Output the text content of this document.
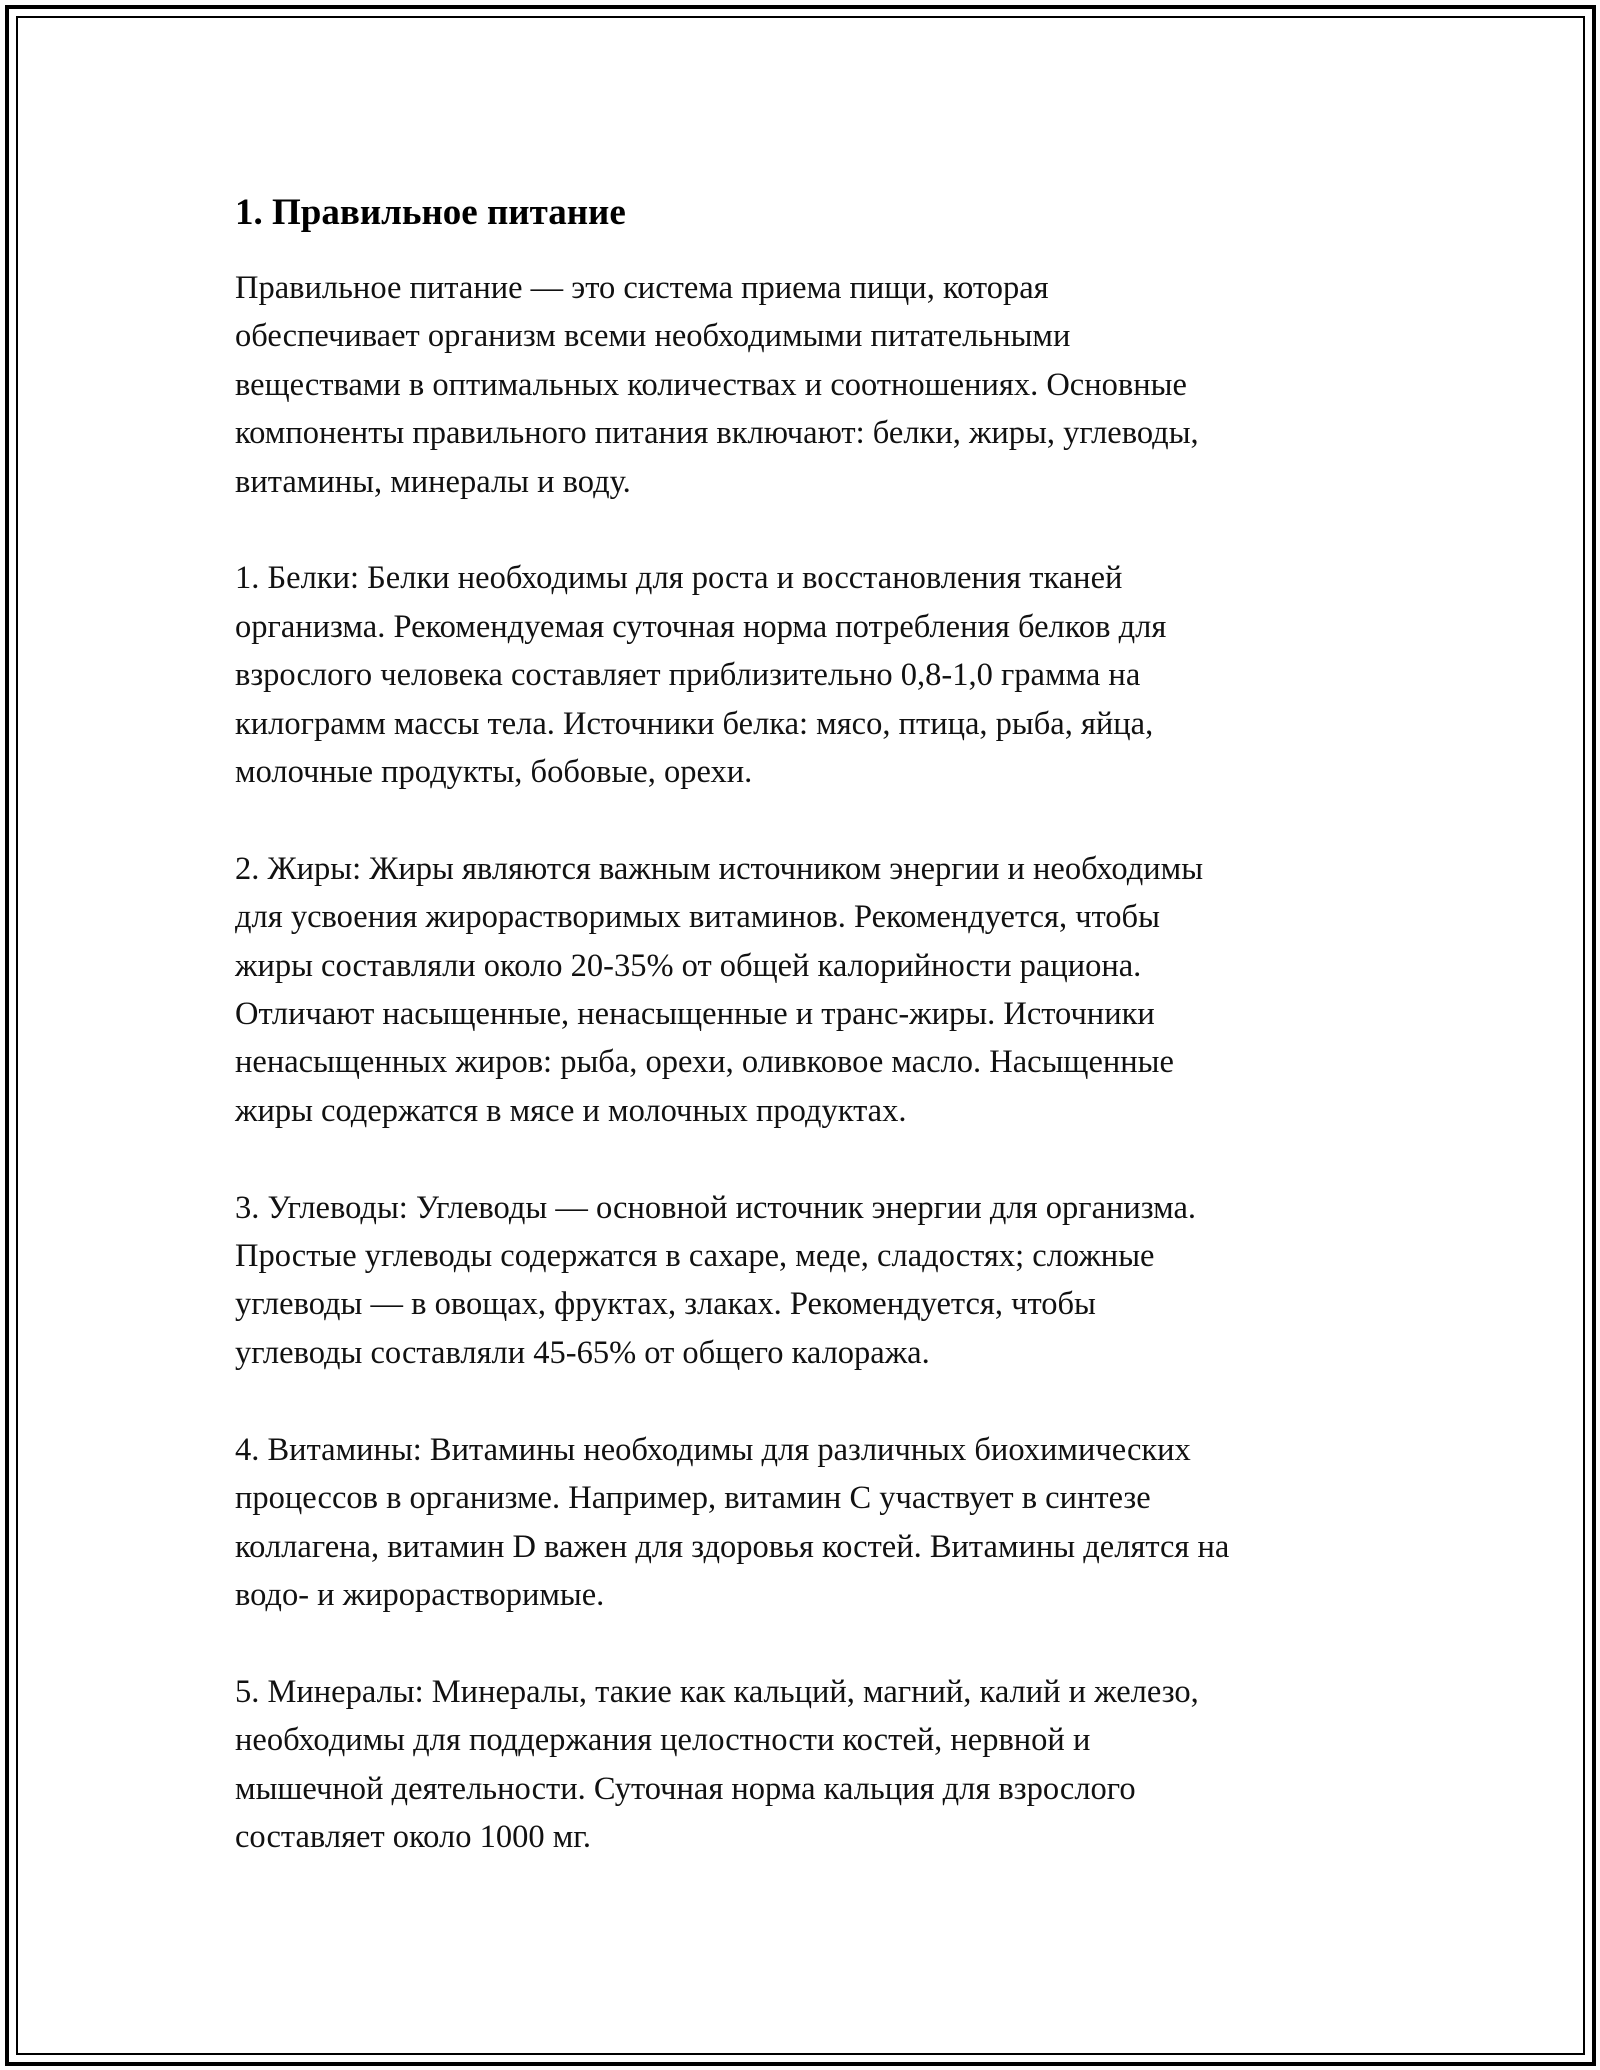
1. Правильное питание
Правильное питание — это система приема пищи, которая
обеспечивает организм всеми необходимыми питательными
веществами в оптимальных количествах и соотношениях. Основные
компоненты правильного питания включают: белки, жиры, углеводы,
витамины, минералы и воду.
1. Белки: Белки необходимы для роста и восстановления тканей
организма. Рекомендуемая суточная норма потребления белков для
взрослого человека составляет приблизительно 0,8-1,0 грамма на
килограмм массы тела. Источники белка: мясо, птица, рыба, яйца,
молочные продукты, бобовые, орехи.
2. Жиры: Жиры являются важным источником энергии и необходимы
для усвоения жирорастворимых витаминов. Рекомендуется, чтобы
жиры составляли около 20-35% от общей калорийности рациона.
Отличают насыщенные, ненасыщенные и транс-жиры. Источники
ненасыщенных жиров: рыба, орехи, оливковое масло. Насыщенные
жиры содержатся в мясе и молочных продуктах.
3. Углеводы: Углеводы — основной источник энергии для организма.
Простые углеводы содержатся в сахаре, меде, сладостях; сложные
углеводы — в овощах, фруктах, злаках. Рекомендуется, чтобы
углеводы составляли 45-65% от общего калоража.
4. Витамины: Витамины необходимы для различных биохимических
процессов в организме. Например, витамин C участвует в синтезе
коллагена, витамин D важен для здоровья костей. Витамины делятся на
водо- и жирорастворимые.
5. Минералы: Минералы, такие как кальций, магний, калий и железо,
необходимы для поддержания целостности костей, нервной и
мышечной деятельности. Суточная норма кальция для взрослого
составляет около 1000 мг.
